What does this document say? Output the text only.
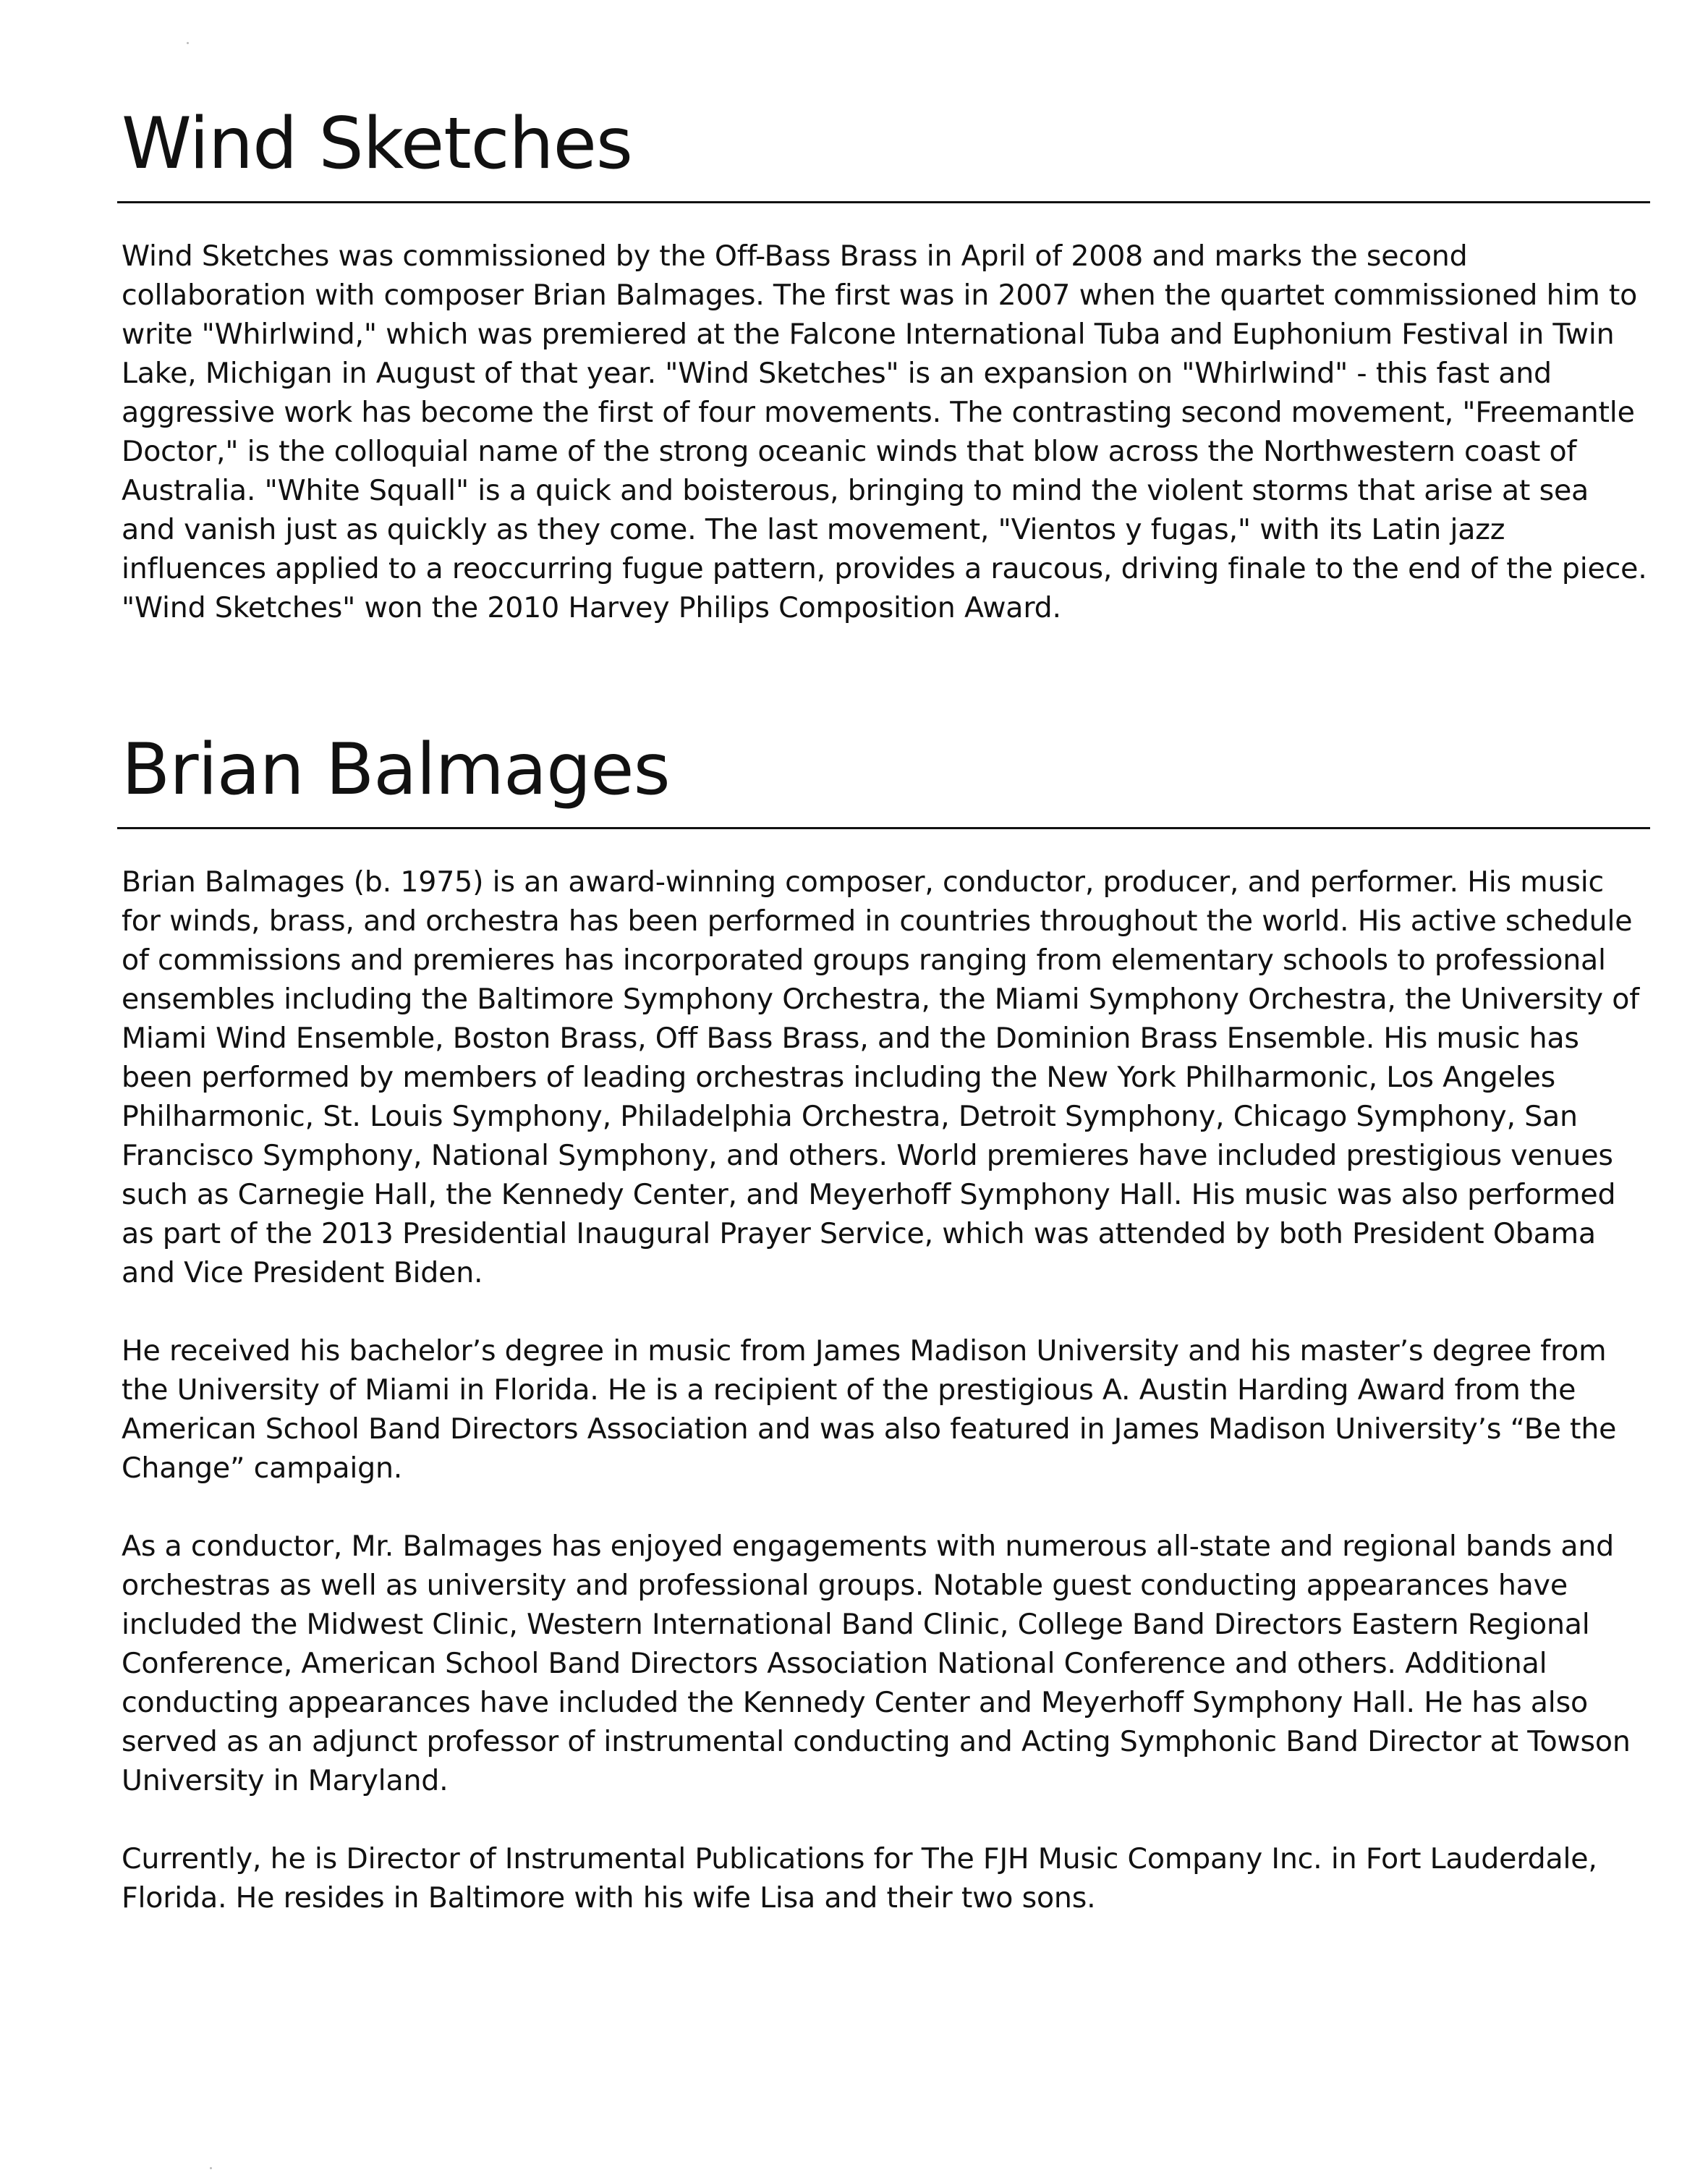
Wind Sketches

Wind Sketches was commissioned by the Off-Bass Brass in April of 2008 and marks the second collaboration with composer Brian Balmages. The first was in 2007 when the quartet commissioned him to write "Whirlwind," which was premiered at the Falcone International Tuba and Euphonium Festival in Twin Lake, Michigan in August of that year. "Wind Sketches" is an expansion on "Whirlwind" - this fast and aggressive work has become the first of four movements. The contrasting second movement, "Freemantle Doctor," is the colloquial name of the strong oceanic winds that blow across the Northwestern coast of Australia. "White Squall" is a quick and boisterous, bringing to mind the violent storms that arise at sea and vanish just as quickly as they come. The last movement, "Vientos y fugas," with its Latin jazz influences applied to a reoccurring fugue pattern, provides a raucous, driving finale to the end of the piece. "Wind Sketches" won the 2010 Harvey Philips Composition Award.

Brian Balmages

Brian Balmages (b. 1975) is an award-winning composer, conductor, producer, and performer. His music for winds, brass, and orchestra has been performed in countries throughout the world. His active schedule of commissions and premieres has incorporated groups ranging from elementary schools to professional ensembles including the Baltimore Symphony Orchestra, the Miami Symphony Orchestra, the University of Miami Wind Ensemble, Boston Brass, Off Bass Brass, and the Dominion Brass Ensemble. His music has been performed by members of leading orchestras including the New York Philharmonic, Los Angeles Philharmonic, St. Louis Symphony, Philadelphia Orchestra, Detroit Symphony, Chicago Symphony, San Francisco Symphony, National Symphony, and others. World premieres have included prestigious venues such as Carnegie Hall, the Kennedy Center, and Meyerhoff Symphony Hall. His music was also performed as part of the 2013 Presidential Inaugural Prayer Service, which was attended by both President Obama and Vice President Biden.

He received his bachelor’s degree in music from James Madison University and his master’s degree from the University of Miami in Florida. He is a recipient of the prestigious A. Austin Harding Award from the American School Band Directors Association and was also featured in James Madison University’s “Be the Change” campaign.

As a conductor, Mr. Balmages has enjoyed engagements with numerous all-state and regional bands and orchestras as well as university and professional groups. Notable guest conducting appearances have included the Midwest Clinic, Western International Band Clinic, College Band Directors Eastern Regional Conference, American School Band Directors Association National Conference and others. Additional conducting appearances have included the Kennedy Center and Meyerhoff Symphony Hall. He has also served as an adjunct professor of instrumental conducting and Acting Symphonic Band Director at Towson University in Maryland.

Currently, he is Director of Instrumental Publications for The FJH Music Company Inc. in Fort Lauderdale, Florida. He resides in Baltimore with his wife Lisa and their two sons.
